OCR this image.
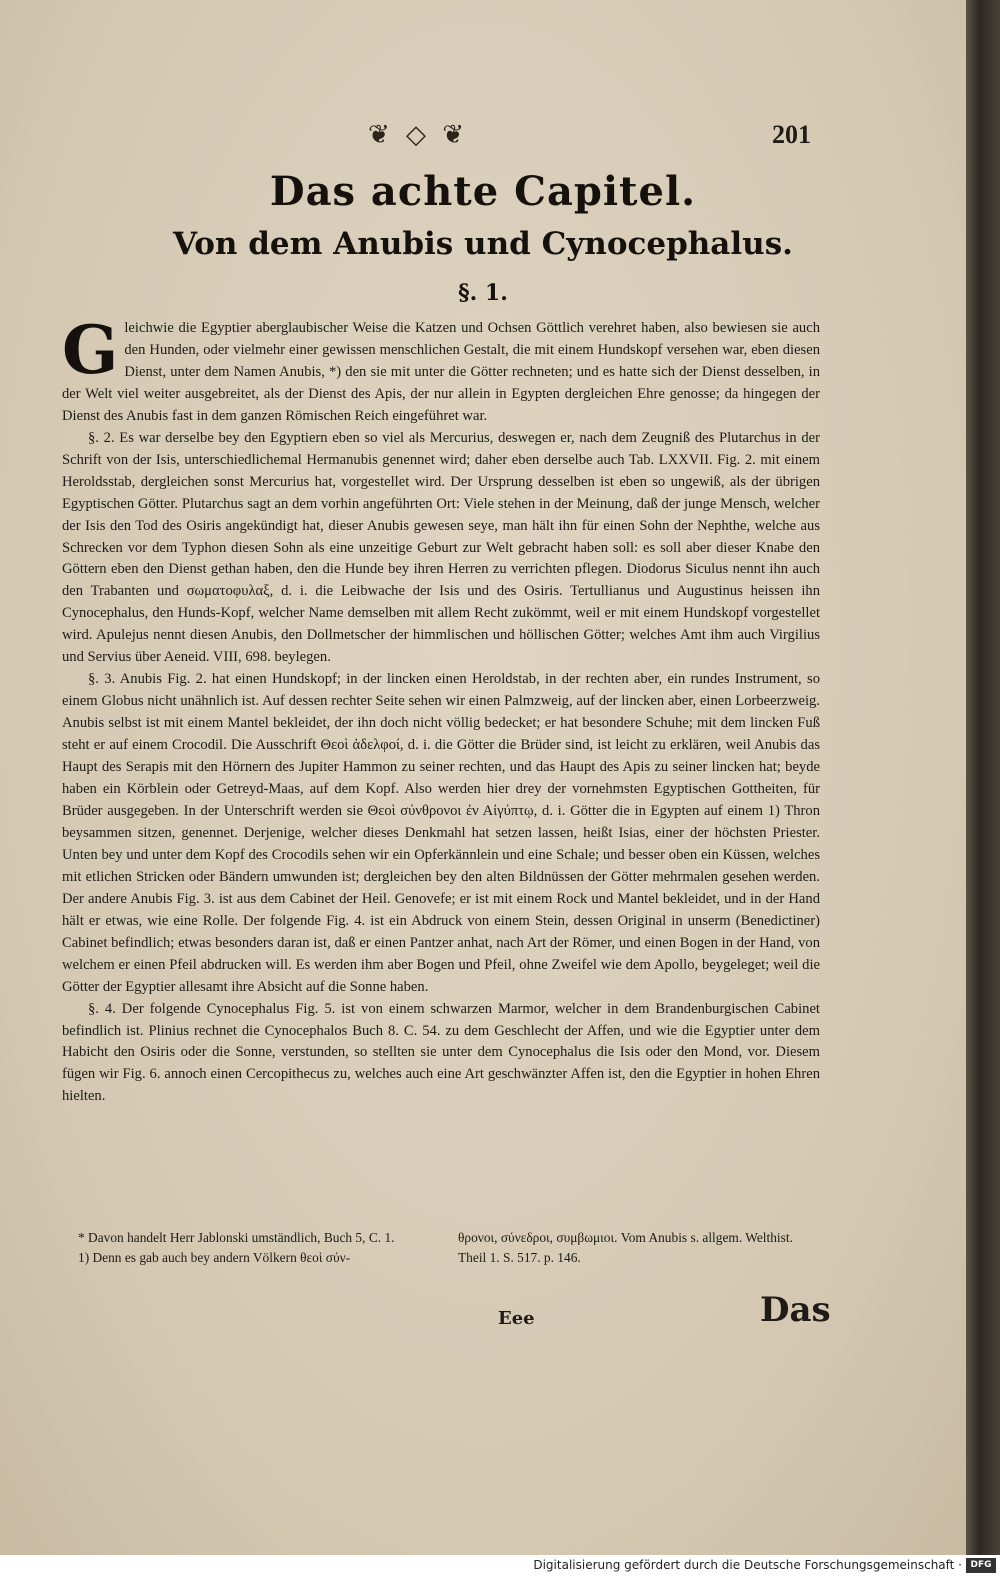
❦ ◇ ❦	201
Das achte Capitel.
Von dem Anubis und Cynocephalus.
§. 1.

Gleichwie die Egyptier aberglaubischer Weise die Katzen und Ochsen Göttlich verehret haben, also bewiesen sie auch den Hunden, oder vielmehr einer gewissen menschlichen Gestalt, die mit einem Hundskopf versehen war, eben diesen Dienst, unter dem Namen Anubis, *) den sie mit unter die Götter rechneten; und es hatte sich der Dienst desselben, in der Welt viel weiter ausgebreitet, als der Dienst des Apis, der nur allein in Egypten dergleichen Ehre genosse; da hingegen der Dienst des Anubis fast in dem ganzen Römischen Reich eingeführet war.

§. 2. Es war derselbe bey den Egyptiern eben so viel als Mercurius, deswegen er, nach dem Zeugniß des Plutarchus in der Schrift von der Isis, unterschiedlichemal Hermanubis genennet wird; daher eben derselbe auch Tab. LXXVII. Fig. 2. mit einem Heroldsstab, dergleichen sonst Mercurius hat, vorgestellet wird. Der Ursprung desselben ist eben so ungewiß, als der übrigen Egyptischen Götter. Plutarchus sagt an dem vorhin angeführten Ort: Viele stehen in der Meinung, daß der junge Mensch, welcher der Isis den Tod des Osiris angekündigt hat, dieser Anubis gewesen seye, man hält ihn für einen Sohn der Nephthe, welche aus Schrecken vor dem Typhon diesen Sohn als eine unzeitige Geburt zur Welt gebracht haben soll: es soll aber dieser Knabe den Göttern eben den Dienst gethan haben, den die Hunde bey ihren Herren zu verrichten pflegen. Diodorus Siculus nennt ihn auch den Trabanten und σωματοφυλαξ, d. i. die Leibwache der Isis und des Osiris. Tertullianus und Augustinus heissen ihn Cynocephalus, den Hunds-Kopf, welcher Name demselben mit allem Recht zukömmt, weil er mit einem Hundskopf vorgestellet wird. Apulejus nennt diesen Anubis, den Dollmetscher der himmlischen und höllischen Götter; welches Amt ihm auch Virgilius und Servius über Aeneid. VIII, 698. beylegen.

§. 3. Anubis Fig. 2. hat einen Hundskopf; in der lincken einen Heroldstab, in der rechten aber, ein rundes Instrument, so einem Globus nicht unähnlich ist. Auf dessen rechter Seite sehen wir einen Palmzweig, auf der lincken aber, einen Lorbeerzweig. Anubis selbst ist mit einem Mantel bekleidet, der ihn doch nicht völlig bedecket; er hat besondere Schuhe; mit dem lincken Fuß steht er auf einem Crocodil. Die Ausschrift Θεοὶ ἀδελφοί, d. i. die Götter die Brüder sind, ist leicht zu erklären, weil Anubis das Haupt des Serapis mit den Hörnern des Jupiter Hammon zu seiner rechten, und das Haupt des Apis zu seiner lincken hat; beyde haben ein Körblein oder Getreyd-Maas, auf dem Kopf. Also werden hier drey der vornehmsten Egyptischen Gottheiten, für Brüder ausgegeben. In der Unterschrift werden sie Θεοὶ σύνθρονοι ἐν Αἰγύπτῳ, d. i. Götter die in Egypten auf einem 1) Thron beysammen sitzen, genennet. Derjenige, welcher dieses Denkmahl hat setzen lassen, heißt Isias, einer der höchsten Priester. Unten bey und unter dem Kopf des Crocodils sehen wir ein Opferkännlein und eine Schale; und besser oben ein Küssen, welches mit etlichen Stricken oder Bändern umwunden ist; dergleichen bey den alten Bildnüssen der Götter mehrmalen gesehen werden. Der andere Anubis Fig. 3. ist aus dem Cabinet der Heil. Genovefe; er ist mit einem Rock und Mantel bekleidet, und in der Hand hält er etwas, wie eine Rolle. Der folgende Fig. 4. ist ein Abdruck von einem Stein, dessen Original in unserm (Benedictiner) Cabinet befindlich; etwas besonders daran ist, daß er einen Pantzer anhat, nach Art der Römer, und einen Bogen in der Hand, von welchem er einen Pfeil abdrucken will. Es werden ihm aber Bogen und Pfeil, ohne Zweifel wie dem Apollo, beygeleget; weil die Götter der Egyptier allesamt ihre Absicht auf die Sonne haben.

§. 4. Der folgende Cynocephalus Fig. 5. ist von einem schwarzen Marmor, welcher in dem Brandenburgischen Cabinet befindlich ist. Plinius rechnet die Cynocephalos Buch 8. C. 54. zu dem Geschlecht der Affen, und wie die Egyptier unter dem Habicht den Osiris oder die Sonne, verstunden, so stellten sie unter dem Cynocephalus die Isis oder den Mond, vor. Diesem fügen wir Fig. 6. annoch einen Cercopithecus zu, welches auch eine Art geschwänzter Affen ist, den die Egyptier in hohen Ehren hielten.

* Davon handelt Herr Jablonski umständlich, Buch 5, C. 1.
1) Denn es gab auch bey andern Völkern θεοὶ σύν-
θρονοι, σύνεδροι, συμβωμιοι. Vom Anubis s. allgem. Welthist. Theil 1. S. 517. p. 146.
Eee	Das
Digitalisierung gefördert durch die Deutsche Forschungsgemeinschaft · DFG
